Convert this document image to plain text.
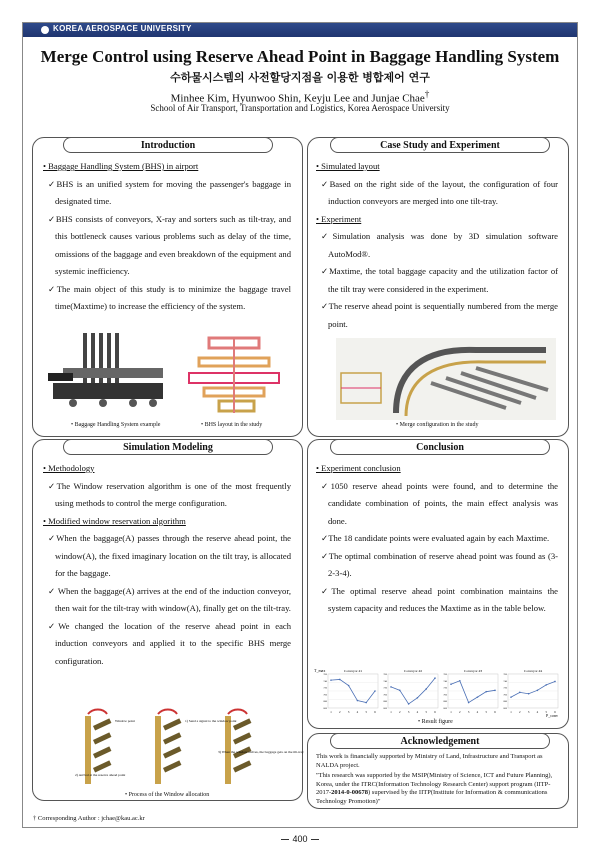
KOREA AEROSPACE UNIVERSITY
Merge Control using Reserve Ahead Point in Baggage Handling System
수하물시스템의 사전할당지점을 이용한 병합제어 연구
Minhee Kim, Hyunwoo Shin, Keyju Lee and Junjae Chae†
School of Air Transport, Transportation and Logistics, Korea Aerospace University
Introduction
• Baggage Handling System (BHS) in airport
✓BHS is an unified system for moving the passenger's baggage in designated time.
✓BHS consists of conveyors, X-ray and sorters such as tilt-tray, and this bottleneck causes various problems such as delay of the time, omissions of the baggage and even breakdown of the equipment and systemic inefficiency.
✓The main object of this study is to minimize the baggage travel time(Maxtime) to increase the efficiency of the system.
• Baggage Handling System example	• BHS layout in the study
Case Study and Experiment
• Simulated layout
✓Based on the right side of the layout, the configuration of four induction conveyors are merged into one tilt-tray.
• Experiment
✓Simulation analysis was done by 3D simulation software AutoMod®.
✓Maxtime, the total baggage capacity and the utilization factor of the tilt tray were considered in the experiment.
✓The reserve ahead point is sequentially numbered from the merge point.
• Merge configuration in the study
Simulation Modeling
• Methodology
✓The Window reservation algorithm is one of the most frequently using methods to control the merge configuration.
• Modified window reservation algorithm
✓When the baggage(A) passes through the reserve ahead point, the window(A), the fixed imaginary location on the tilt tray, is allocated for the baggage.
✓ When the baggage(A) arrives at the end of the induction conveyor, then wait for the tilt-tray with window(A), finally get on the tilt-tray.
✓We changed the location of the reserve ahead point in each induction conveyors and applied it to the specific BHS merge configuration.
Window point	1) Send a signal to the window point
2) Arrival at the reserve ahead point
3) When the window arrives, the baggage gets on the tilt-tray
• Process of the Window allocation
Conclusion
• Experiment conclusion
✓1050 reserve ahead points were found, and to determine the candidate combination of points, the main effect analysis was done.
✓The 18 candidate points were evaluated again by each Maxtime.
✓The optimal combination of reserve ahead point was found as (3-2-3-4).
✓The optimal reserve ahead point combination maintains the system capacity and reduces the Maxtime as in the table below.
T_max
P_conv
Conveyor #1
1 2 3 4 5 6
760
740
720
700
680
660
Conveyor #2
1 2 3 4 5 6
760
740
720
700
680
660
Conveyor #3
1 2 3 4 5 6
760
740
720
700
680
660
Conveyor #4
1 2 3 4 5 6
760
740
720
700
680
660
• Result figure
Acknowledgement
This work is financially supported by Ministry of Land, Infrastructure and Transport as NALDA project.
"This research was supported by the MSIP(Ministry of Science, ICT and Future Planning), Korea, under the ITRC(Information Technology Research Center) support program (IITP-2017-2014-0-00678) supervised by the IITP(Institute for Information & communications Technology Promotion)"
† Corresponding Author : jchae@kau.ac.kr
400
